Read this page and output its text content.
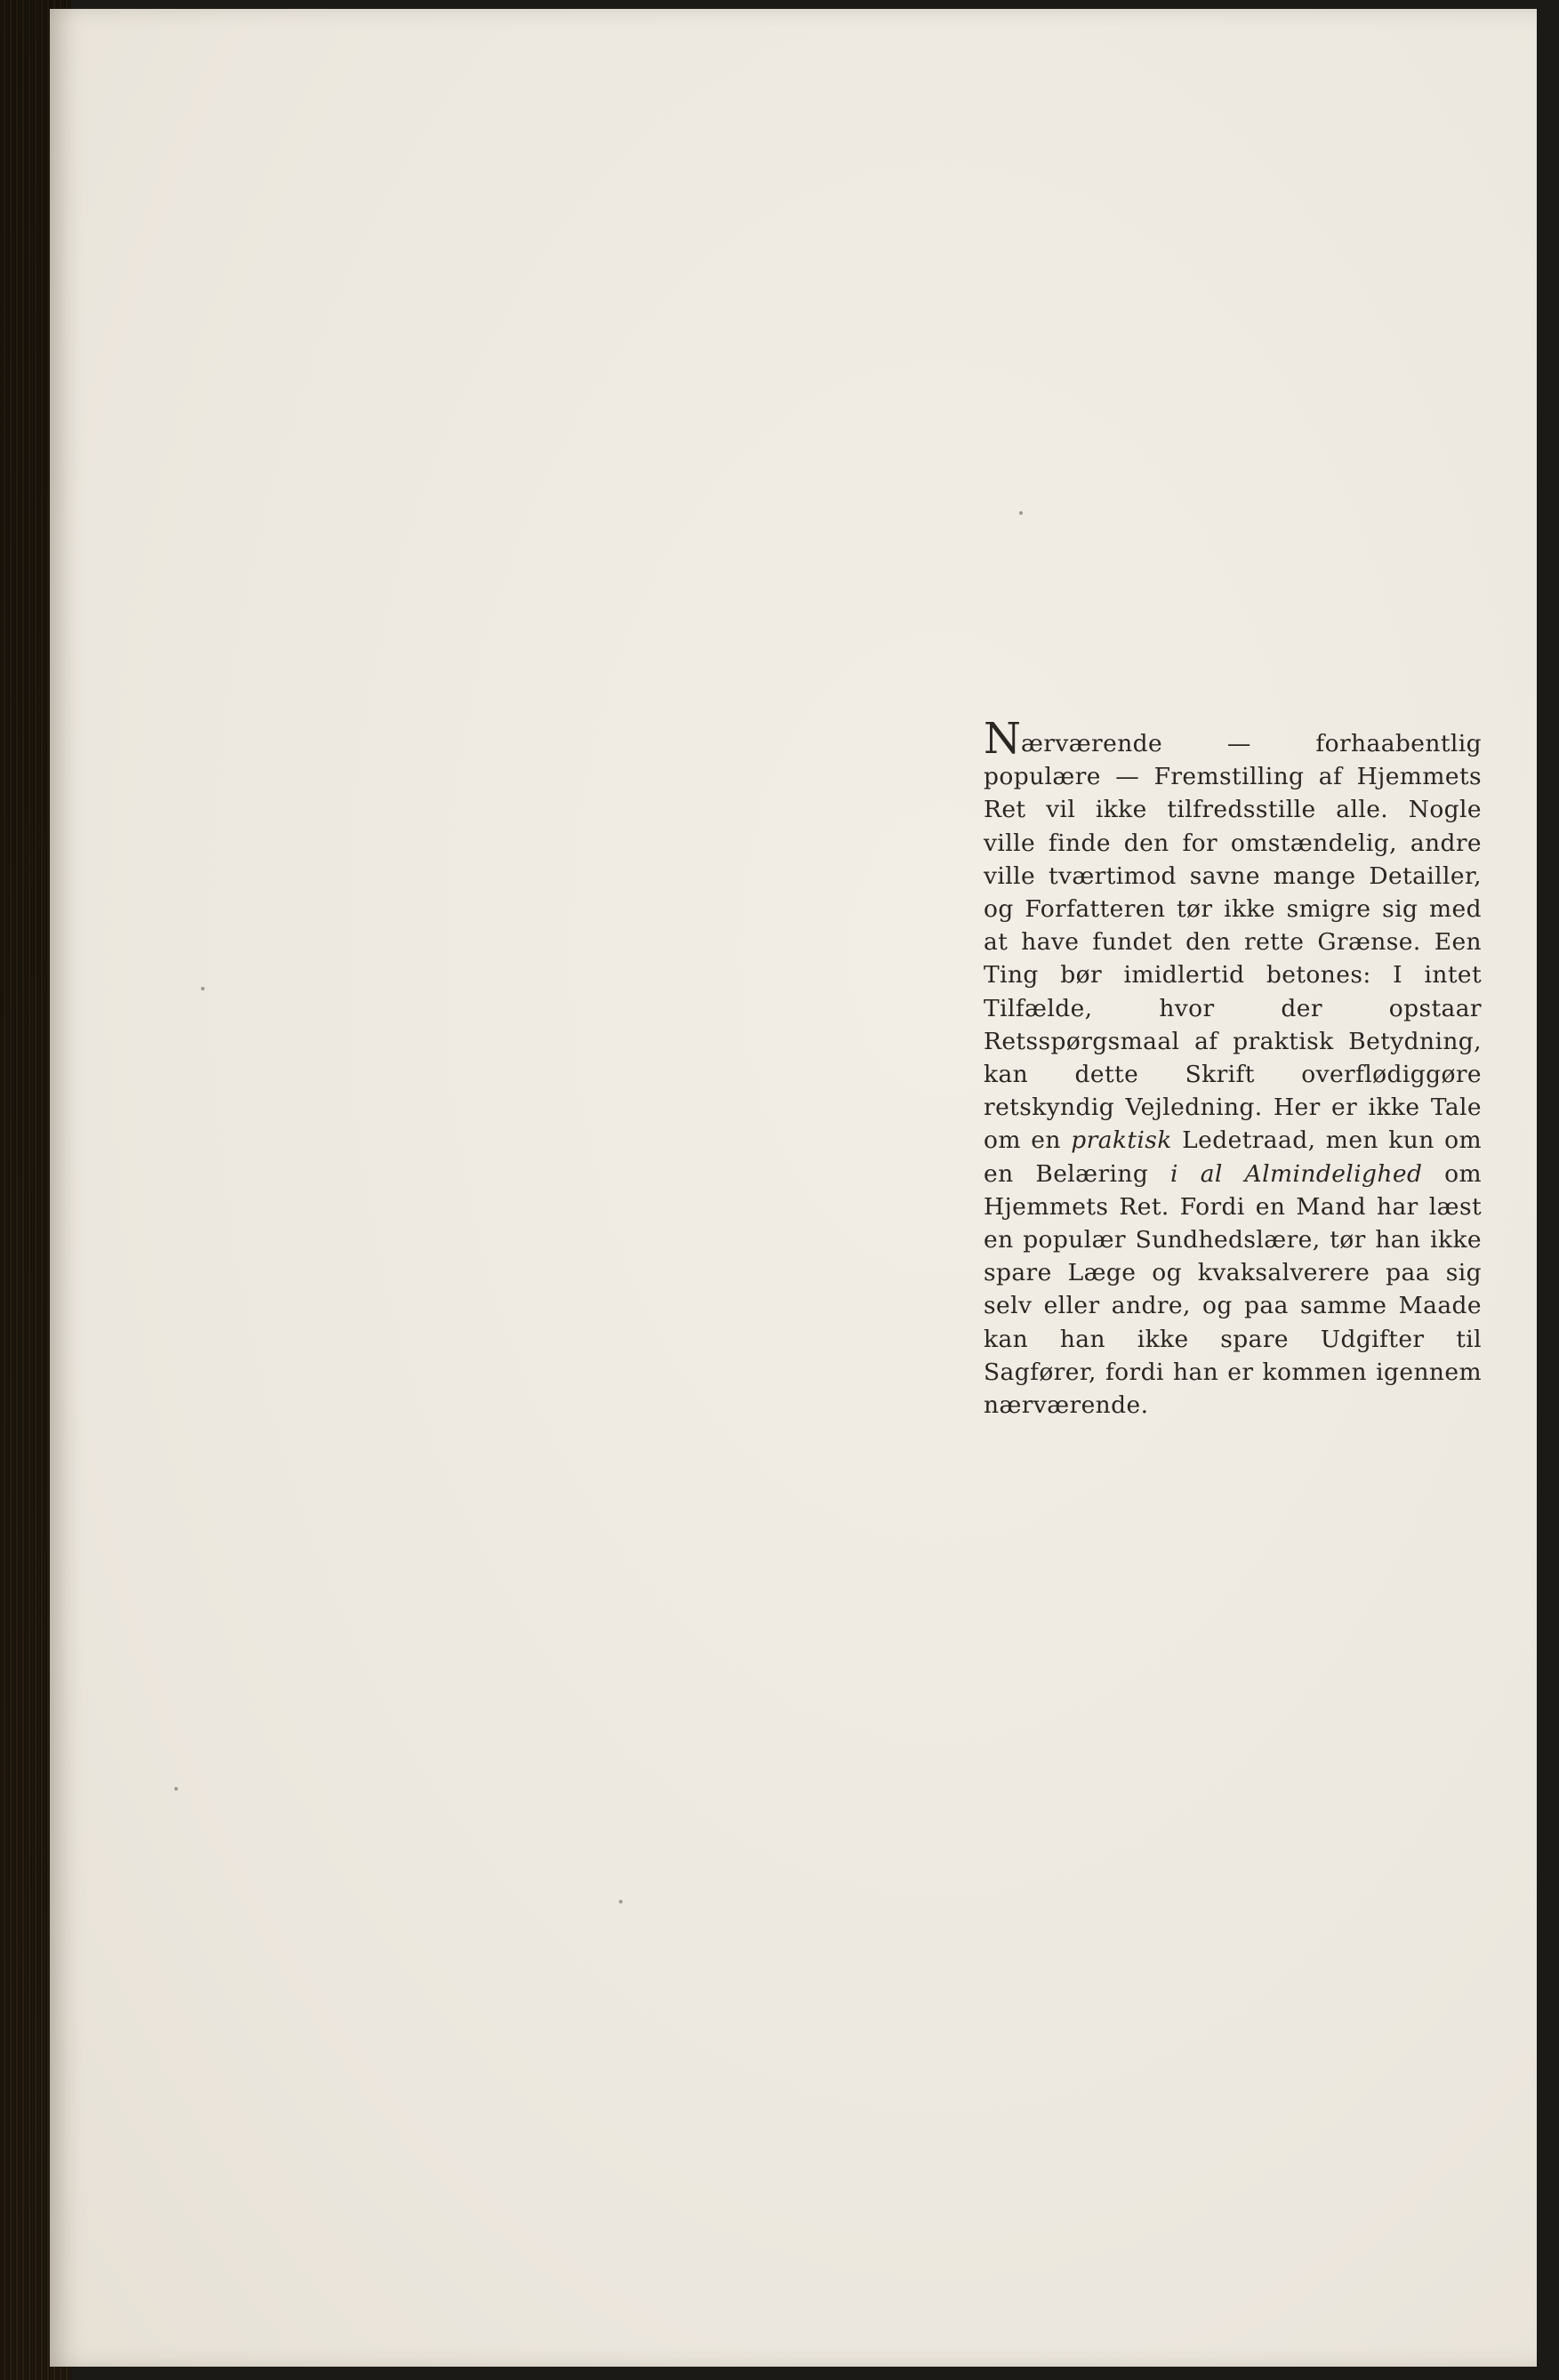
Nærværende — forhaabentlig populære — Fremstilling af Hjemmets Ret vil ikke tilfredsstille alle. Nogle ville finde den for omstændelig, andre ville tværtimod savne mange Detailler, og Forfatteren tør ikke smigre sig med at have fundet den rette Grænse. Een Ting bør imidlertid betones: I intet Tilfælde, hvor der opstaar Retsspørgsmaal af praktisk Betydning, kan dette Skrift overflødiggøre retskyndig Vejledning. Her er ikke Tale om en praktisk Ledetraad, men kun om en Belæring i al Almindelighed om Hjemmets Ret. Fordi en Mand har læst en populær Sundhedslære, tør han ikke spare Læge og kvaksalverere paa sig selv eller andre, og paa samme Maade kan han ikke spare Udgifter til Sagfører, fordi han er kommen igennem nærværende.
